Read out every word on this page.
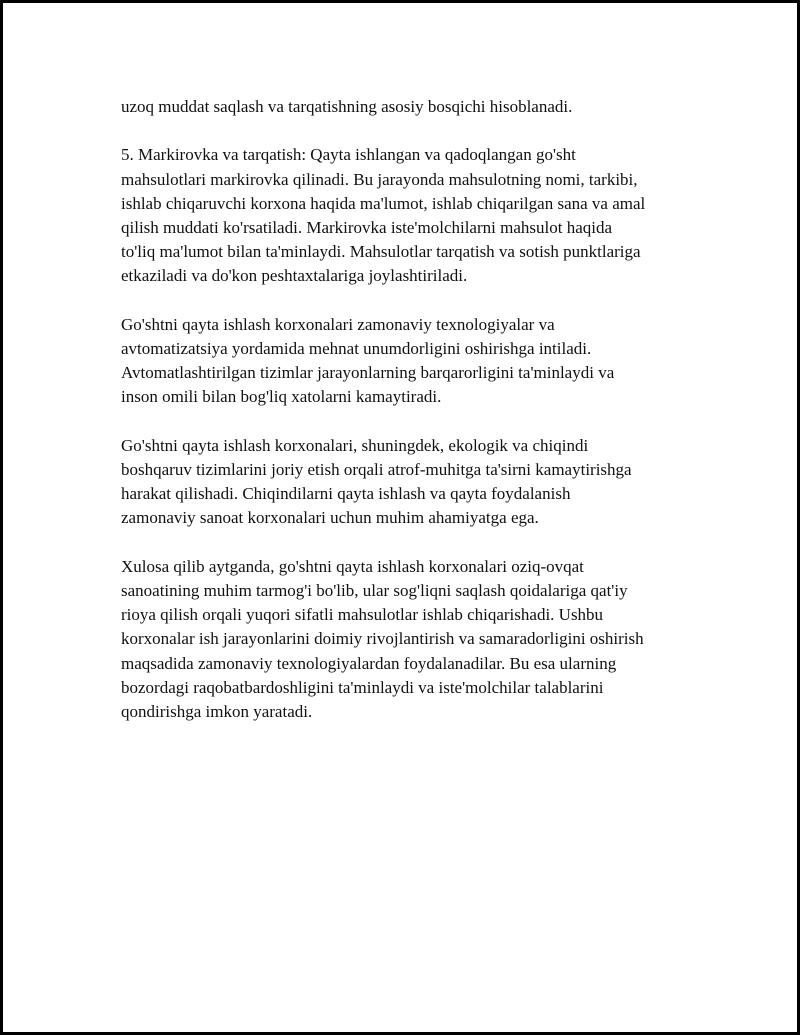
uzoq muddat saqlash va tarqatishning asosiy bosqichi hisoblanadi.

5. Markirovka va tarqatish: Qayta ishlangan va qadoqlangan go'sht
mahsulotlari markirovka qilinadi. Bu jarayonda mahsulotning nomi, tarkibi,
ishlab chiqaruvchi korxona haqida ma'lumot, ishlab chiqarilgan sana va amal
qilish muddati ko'rsatiladi. Markirovka iste'molchilarni mahsulot haqida
to'liq ma'lumot bilan ta'minlaydi. Mahsulotlar tarqatish va sotish punktlariga
etkaziladi va do'kon peshtaxtalariga joylashtiriladi.

Go'shtni qayta ishlash korxonalari zamonaviy texnologiyalar va
avtomatizatsiya yordamida mehnat unumdorligini oshirishga intiladi.
Avtomatlashtirilgan tizimlar jarayonlarning barqarorligini ta'minlaydi va
inson omili bilan bog'liq xatolarni kamaytiradi.

Go'shtni qayta ishlash korxonalari, shuningdek, ekologik va chiqindi
boshqaruv tizimlarini joriy etish orqali atrof-muhitga ta'sirni kamaytirishga
harakat qilishadi. Chiqindilarni qayta ishlash va qayta foydalanish
zamonaviy sanoat korxonalari uchun muhim ahamiyatga ega.

Xulosa qilib aytganda, go'shtni qayta ishlash korxonalari oziq-ovqat
sanoatining muhim tarmog'i bo'lib, ular sog'liqni saqlash qoidalariga qat'iy
rioya qilish orqali yuqori sifatli mahsulotlar ishlab chiqarishadi. Ushbu
korxonalar ish jarayonlarini doimiy rivojlantirish va samaradorligini oshirish
maqsadida zamonaviy texnologiyalardan foydalanadilar. Bu esa ularning
bozordagi raqobatbardoshligini ta'minlaydi va iste'molchilar talablarini
qondirishga imkon yaratadi.
